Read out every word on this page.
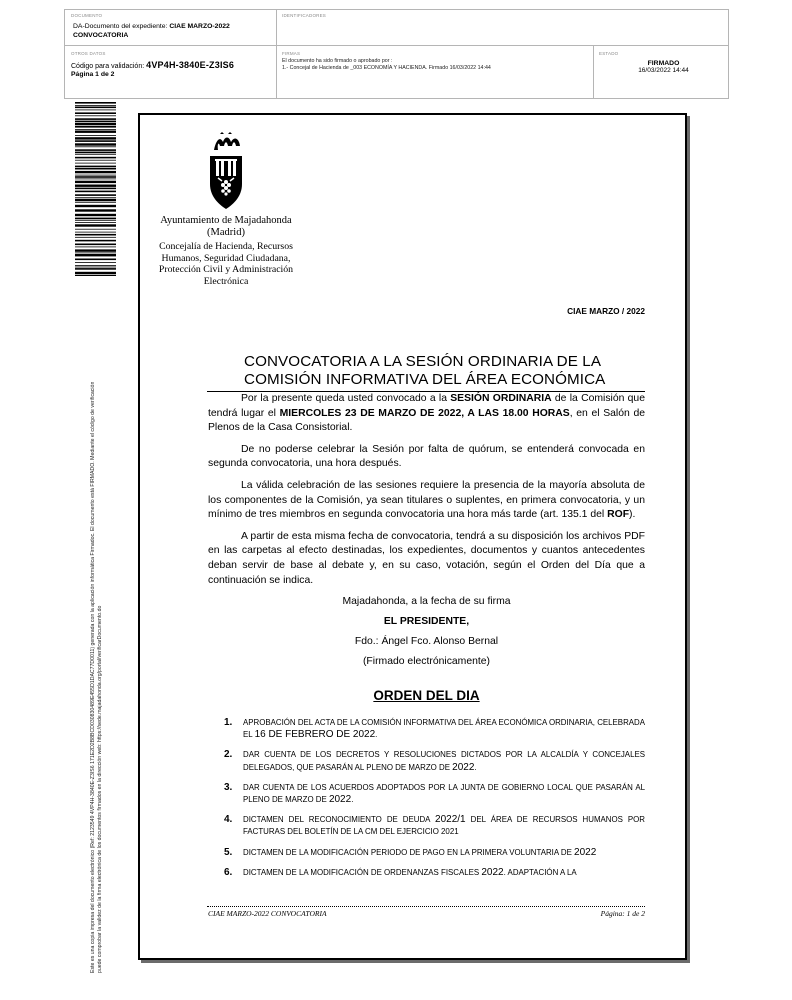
DOCUMENTO
DA-Documento del expediente: CIAE MARZO-2022
CONVOCATORIA
IDENTIFICADORES
OTROS DATOS
Código para validación: 4VP4H-3840E-Z3IS6
Página 1 de 2
FIRMAS
El documento ha sido firmado o aprobado por :
1.- Concejal de Hacienda de _003 ECONOMÍA Y HACIENDA. Firmado 16/03/2022 14:44
ESTADO
FIRMADO
16/03/2022 14:44
Este es una copia impresa del documento electrónico (Ref: 2123549 4VP4H-3840E-Z3IS6 171E2D2B8BCD030830489E455D1DAC77D0011) generada con la aplicación informática Firmadoc. El documento está FIRMADO. Mediante el código de verificación puede comprobar la validez de la firma electrónica de los documentos firmados en la dirección web: https://sede.majadahonda.org/portal/verificarDocumento.do
Ayuntamiento de Majadahonda
(Madrid)
Concejalía de Hacienda, Recursos Humanos, Seguridad Ciudadana, Protección Civil y Administración Electrónica
CIAE MARZO / 2022
CONVOCATORIA A LA SESIÓN ORDINARIA DE LA
COMISIÓN INFORMATIVA DEL ÁREA ECONÓMICA

Por la presente queda usted convocado a la SESIÓN ORDINARIA de la Comisión que tendrá lugar el MIERCOLES 23 DE MARZO DE 2022, A LAS 18.00 HORAS, en el Salón de Plenos de la Casa Consistorial.

De no poderse celebrar la Sesión por falta de quórum, se entenderá convocada en segunda convocatoria, una hora después.

La válida celebración de las sesiones requiere la presencia de la mayoría absoluta de los componentes de la Comisión, ya sean titulares o suplentes, en primera convocatoria, y un mínimo de tres miembros en segunda convocatoria una hora más tarde (art. 135.1 del ROF).

A partir de esta misma fecha de convocatoria, tendrá a su disposición los archivos PDF en las carpetas al efecto destinadas, los expedientes, documentos y cuantos antecedentes deban servir de base al debate y, en su caso, votación, según el Orden del Día que a continuación se indica.

Majadahonda, a la fecha de su firma

EL PRESIDENTE,

Fdo.: Ángel Fco. Alonso Bernal

(Firmado electrónicamente)

ORDEN DEL DIA
1. APROBACIÓN DEL ACTA DE LA COMISIÓN INFORMATIVA DEL ÁREA ECONÓMICA ORDINARIA, CELEBRADA EL 16 DE FEBRERO DE 2022.
2. DAR CUENTA DE LOS DECRETOS Y RESOLUCIONES DICTADOS POR LA ALCALDÍA Y CONCEJALES DELEGADOS, QUE PASARÁN AL PLENO DE MARZO DE 2022.
3. DAR CUENTA DE LOS ACUERDOS ADOPTADOS POR LA JUNTA DE GOBIERNO LOCAL QUE PASARÁN AL PLENO DE MARZO DE 2022.
4. DICTAMEN DEL RECONOCIMIENTO DE DEUDA 2022/1 DEL ÁREA DE RECURSOS HUMANOS POR FACTURAS DEL BOLETÍN DE LA CM DEL EJERCICIO 2021
5. DICTAMEN DE LA MODIFICACIÓN PERIODO DE PAGO EN LA PRIMERA VOLUNTARIA DE 2022
6. DICTAMEN DE LA MODIFICACIÓN DE ORDENANZAS FISCALES 2022. ADAPTACIÓN A LA
CIAE MARZO-2022 CONVOCATORIA	Página: 1 de 2
